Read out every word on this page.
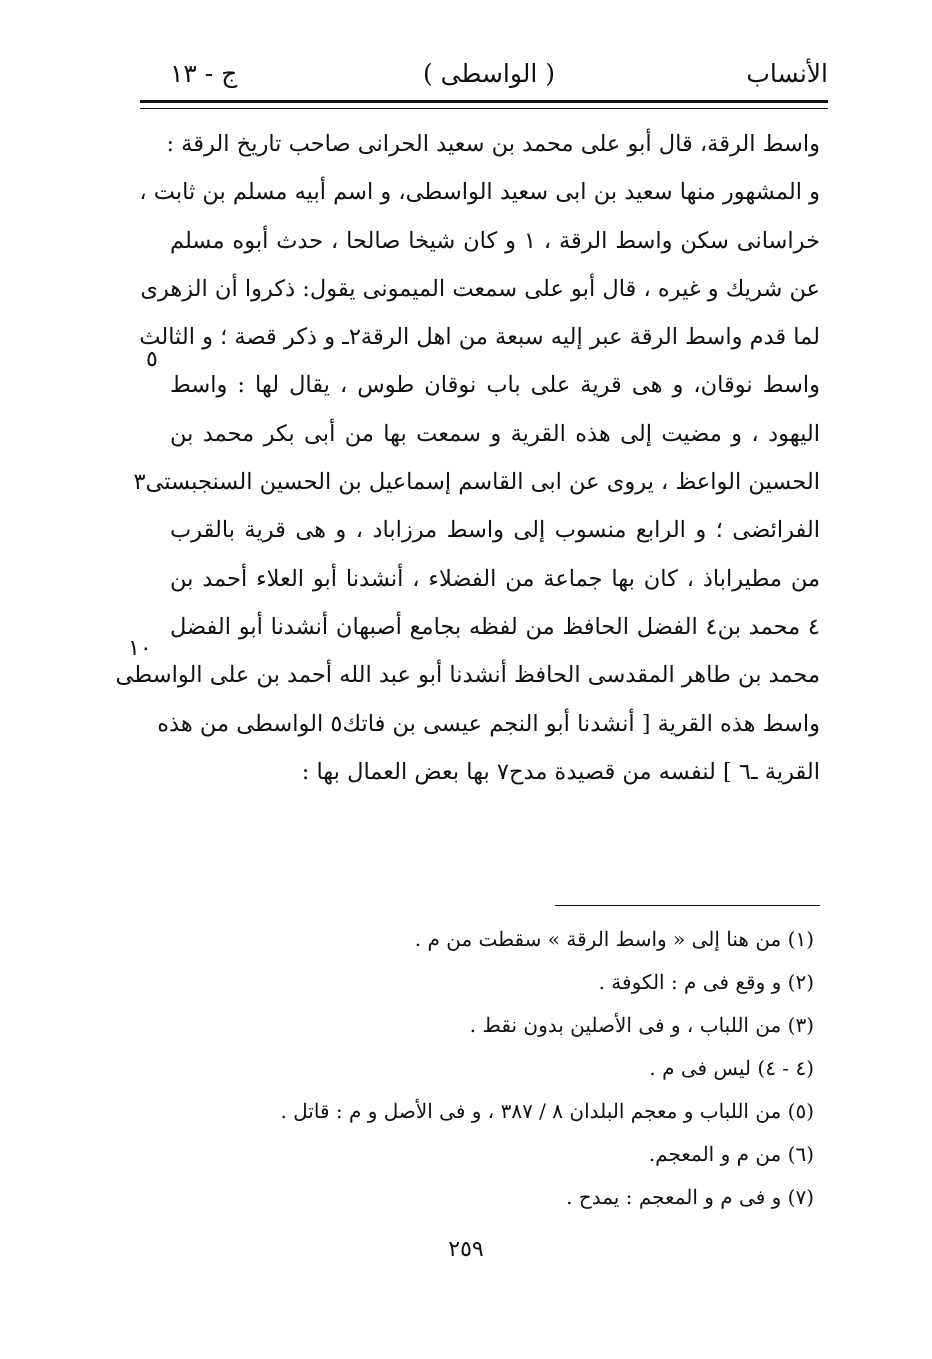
الأنساب
( الواسطى )
ج - ١٣
واسط الرقة، قال أبو على محمد بن سعيد الحرانى صاحب تاريخ الرقة :
و المشهور منها سعيد بن ابى سعيد الواسطى، و اسم أبيه مسلم بن ثابت ،
خراسانى سكن واسط الرقة ، ١ و كان شيخا صالحا ، حدث أبوه مسلم
عن شريك و غيره ، قال أبو على سمعت الميمونى يقول: ذكروا أن الزهرى
لما قدم واسط الرقة عبر إليه سبعة من اهل الرقة٢ـ و ذكر قصة ؛ و الثالث
واسط نوقان، و هى قرية على باب نوقان طوس ، يقال لها : واسط
اليهود ، و مضيت إلى هذه القرية و سمعت بها من أبى بكر محمد بن
الحسين الواعظ ، يروى عن ابى القاسم إسماعيل بن الحسين السنجبستى٣
الفرائضى ؛ و الرابع منسوب إلى واسط مرزاباد ، و هى قرية بالقرب
من مطيراباذ ، كان بها جماعة من الفضلاء ، أنشدنا أبو العلاء أحمد بن
٤ محمد بن٤ الفضل الحافظ من لفظه بجامع أصبهان أنشدنا أبو الفضل
محمد بن طاهر المقدسى الحافظ أنشدنا أبو عبد الله أحمد بن على الواسطى
واسط هذه القرية [ أنشدنا أبو النجم عيسى بن فاتك٥ الواسطى من هذه
القرية ـ٦ ] لنفسه من قصيدة مدح٧ بها بعض العمال بها :
٥
١٠
(١) من هنا إلى « واسط الرقة » سقطت من م .
(٢) و وقع فى م : الكوفة .
(٣) من اللباب ، و فى الأصلين بدون نقط .
(٤ - ٤) ليس فى م .
(٥) من اللباب و معجم البلدان ٨ / ٣٨٧ ، و فى الأصل و م : قاتل .
(٦) من م و المعجم.
(٧) و فى م و المعجم : يمدح .
٢٥٩
